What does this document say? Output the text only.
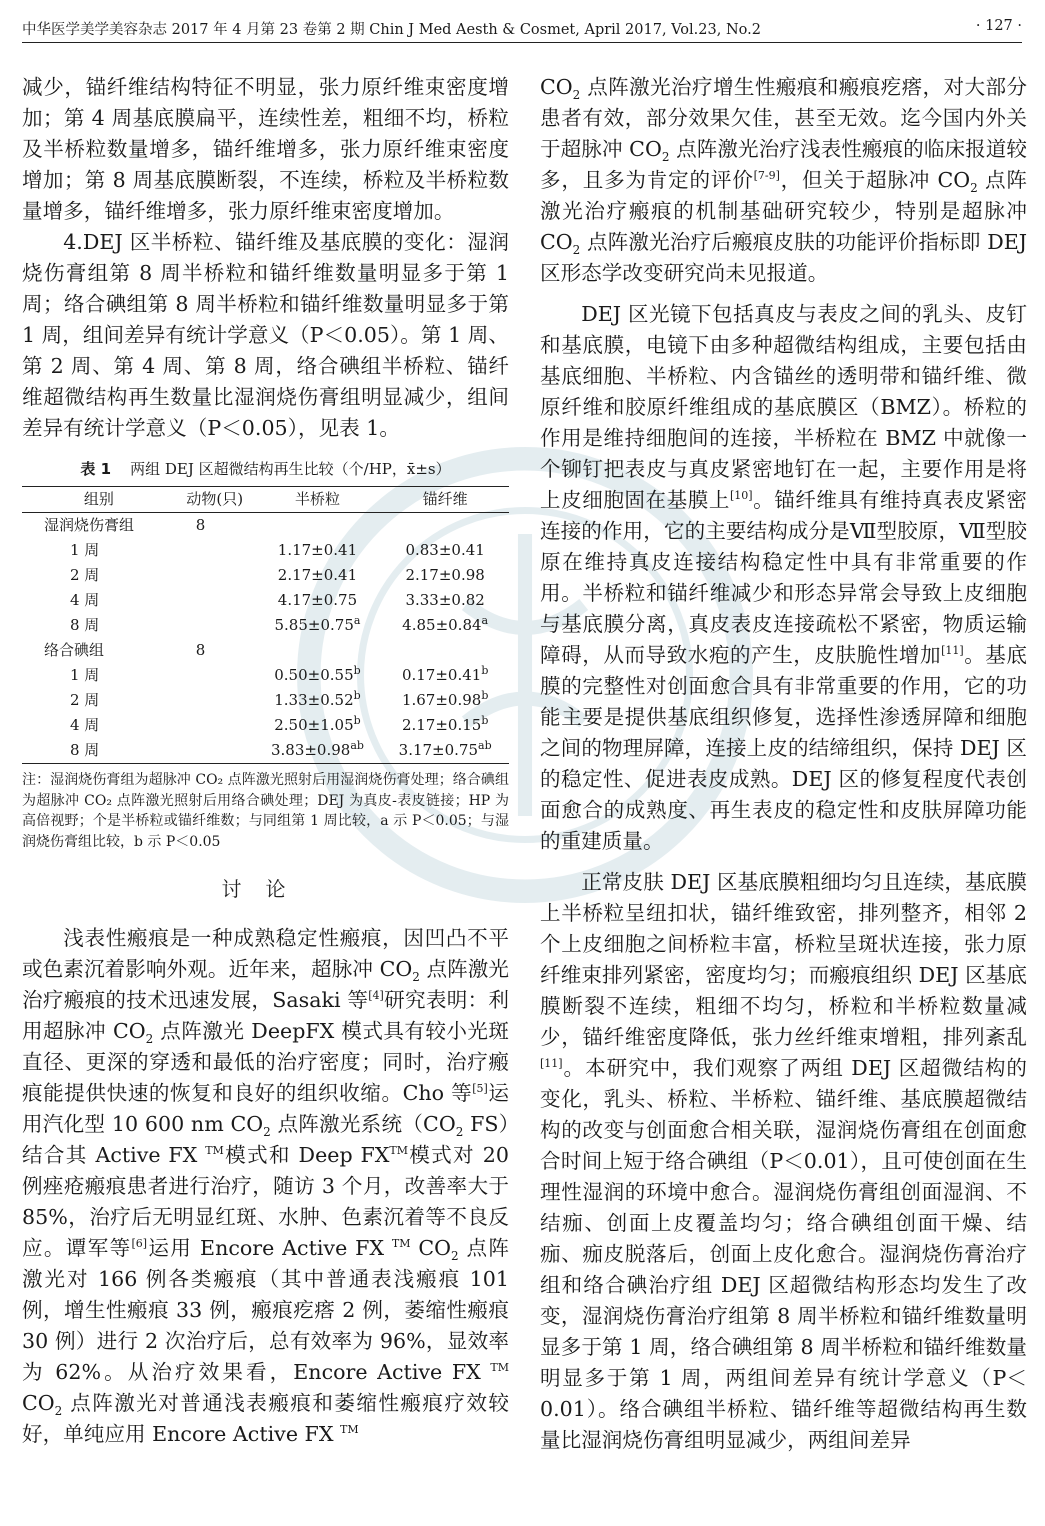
中华医学美学美容杂志 2017 年 4 月第 23 卷第 2 期 Chin J Med Aesth & Cosmet, April 2017, Vol.23, No.2	· 127 ·

减少，锚纤维结构特征不明显，张力原纤维束密度增加；第 4 周基底膜扁平，连续性差，粗细不均，桥粒及半桥粒数量增多，锚纤维增多，张力原纤维束密度增加；第 8 周基底膜断裂，不连续，桥粒及半桥粒数量增多，锚纤维增多，张力原纤维束密度增加。

4.DEJ 区半桥粒、锚纤维及基底膜的变化：湿润烧伤膏组第 8 周半桥粒和锚纤维数量明显多于第 1 周；络合碘组第 8 周半桥粒和锚纤维数量明显多于第 1 周，组间差异有统计学意义（P＜0.05）。第 1 周、第 2 周、第 4 周、第 8 周，络合碘组半桥粒、锚纤维超微结构再生数量比湿润烧伤膏组明显减少，组间差异有统计学意义（P＜0.05），见表 1。

表 1 两组 DEJ 区超微结构再生比较（个/HP，x̄±s）
组别	动物(只)	半桥粒	锚纤维
湿润烧伤膏组	8		
1 周		1.17±0.41	0.83±0.41
2 周		2.17±0.41	2.17±0.98
4 周		4.17±0.75	3.33±0.82
8 周		5.85±0.75$^a$	4.85±0.84$^a$
络合碘组	8		
1 周		0.50±0.55$^b$	0.17±0.41$^b$
2 周		1.33±0.52$^b$	1.67±0.98$^b$
4 周		2.50±1.05$^b$	2.17±0.15$^b$
8 周		3.83±0.98$^{ab}$	3.17±0.75$^{ab}$
注：湿润烧伤膏组为超脉冲 CO₂ 点阵激光照射后用湿润烧伤膏处理；络合碘组为超脉冲 CO₂ 点阵激光照射后用络合碘处理；DEJ 为真皮-表皮链接；HP 为高倍视野；个是半桥粒或锚纤维数；与同组第 1 周比较，a 示 P＜0.05；与湿润烧伤膏组比较，b 示 P＜0.05
讨论

浅表性瘢痕是一种成熟稳定性瘢痕，因凹凸不平或色素沉着影响外观。近年来，超脉冲 $CO_2$ 点阵激光治疗瘢痕的技术迅速发展，Sasaki 等[4]研究表明：利用超脉冲 $CO_2$ 点阵激光 DeepFX 模式具有较小光斑直径、更深的穿透和最低的治疗密度；同时，治疗瘢痕能提供快速的恢复和良好的组织收缩。Cho 等[5]运用汽化型 10 600 nm $CO_2$ 点阵激光系统（$CO_2$ FS）结合其 Active FX ™模式和 Deep FX™模式对 20 例痤疮瘢痕患者进行治疗，随访 3 个月，改善率大于 85%，治疗后无明显红斑、水肿、色素沉着等不良反应。谭军等[6]运用 Encore Active FX ™ $CO_2$ 点阵激光对 166 例各类瘢痕（其中普通表浅瘢痕 101 例，增生性瘢痕 33 例，瘢痕疙瘩 2 例，萎缩性瘢痕 30 例）进行 2 次治疗后，总有效率为 96%，显效率为 62%。从治疗效果看，Encore Active FX ™ $CO_2$ 点阵激光对普通浅表瘢痕和萎缩性瘢痕疗效较好，单纯应用 Encore Active FX ™

$CO_2$ 点阵激光治疗增生性瘢痕和瘢痕疙瘩，对大部分患者有效，部分效果欠佳，甚至无效。迄今国内外关于超脉冲 $CO_2$ 点阵激光治疗浅表性瘢痕的临床报道较多，且多为肯定的评价[7-9]，但关于超脉冲 $CO_2$ 点阵激光治疗瘢痕的机制基础研究较少，特别是超脉冲 $CO_2$ 点阵激光治疗后瘢痕皮肤的功能评价指标即 DEJ 区形态学改变研究尚未见报道。

DEJ 区光镜下包括真皮与表皮之间的乳头、皮钉和基底膜，电镜下由多种超微结构组成，主要包括由基底细胞、半桥粒、内含锚丝的透明带和锚纤维、微原纤维和胶原纤维组成的基底膜区（BMZ）。桥粒的作用是维持细胞间的连接，半桥粒在 BMZ 中就像一个铆钉把表皮与真皮紧密地钉在一起，主要作用是将上皮细胞固在基膜上[10]。锚纤维具有维持真表皮紧密连接的作用，它的主要结构成分是Ⅶ型胶原，Ⅶ型胶原在维持真皮连接结构稳定性中具有非常重要的作用。半桥粒和锚纤维减少和形态异常会导致上皮细胞与基底膜分离，真皮表皮连接疏松不紧密，物质运输障碍，从而导致水疱的产生，皮肤脆性增加[11]。基底膜的完整性对创面愈合具有非常重要的作用，它的功能主要是提供基底组织修复，选择性渗透屏障和细胞之间的物理屏障，连接上皮的结缔组织，保持 DEJ 区的稳定性、促进表皮成熟。DEJ 区的修复程度代表创面愈合的成熟度、再生表皮的稳定性和皮肤屏障功能的重建质量。

正常皮肤 DEJ 区基底膜粗细均匀且连续，基底膜上半桥粒呈纽扣状，锚纤维致密，排列整齐，相邻 2 个上皮细胞之间桥粒丰富，桥粒呈斑状连接，张力原纤维束排列紧密，密度均匀；而瘢痕组织 DEJ 区基底膜断裂不连续，粗细不均匀，桥粒和半桥粒数量减少，锚纤维密度降低，张力丝纤维束增粗，排列紊乱[11]。本研究中，我们观察了两组 DEJ 区超微结构的变化，乳头、桥粒、半桥粒、锚纤维、基底膜超微结构的改变与创面愈合相关联，湿润烧伤膏组在创面愈合时间上短于络合碘组（P＜0.01），且可使创面在生理性湿润的环境中愈合。湿润烧伤膏组创面湿润、不结痂、创面上皮覆盖均匀；络合碘组创面干燥、结痂、痂皮脱落后，创面上皮化愈合。湿润烧伤膏治疗组和络合碘治疗组 DEJ 区超微结构形态均发生了改变，湿润烧伤膏治疗组第 8 周半桥粒和锚纤维数量明显多于第 1 周，络合碘组第 8 周半桥粒和锚纤维数量明显多于第 1 周，两组间差异有统计学意义（P＜0.01）。络合碘组半桥粒、锚纤维等超微结构再生数量比湿润烧伤膏组明显减少，两组间差异
